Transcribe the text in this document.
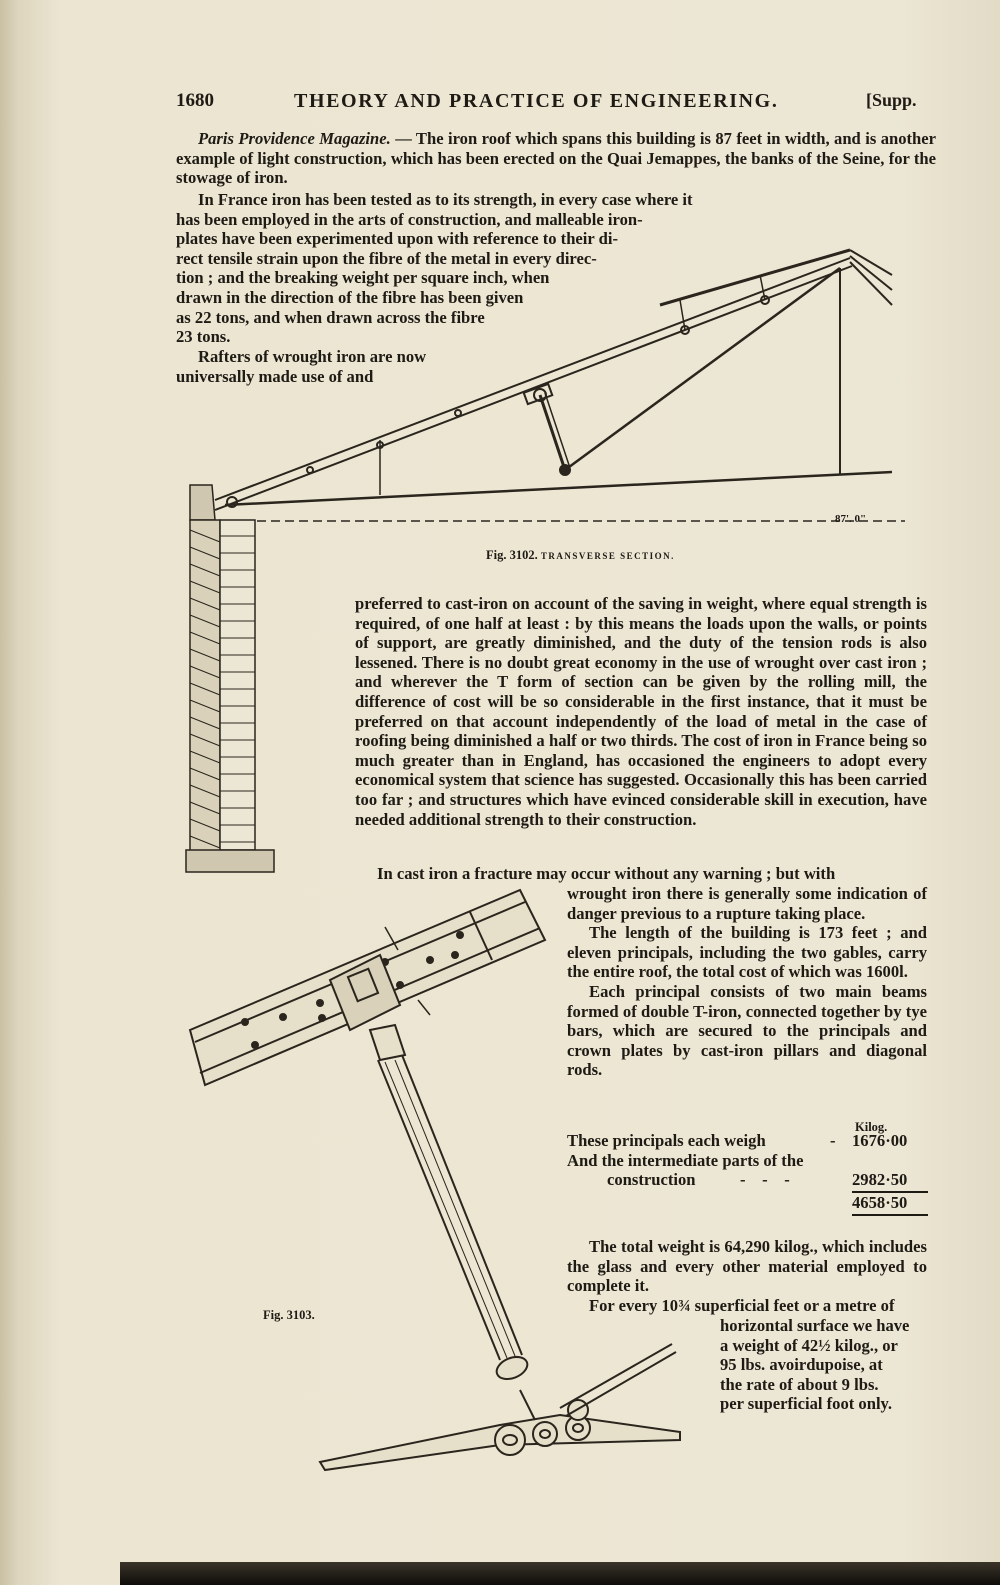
1680	THEORY AND PRACTICE OF ENGINEERING.	[Supp.

Paris Providence Magazine. — The iron roof which spans this building is 87 feet in width, and is another example of light construction, which has been erected on the Quai Jemappes, the banks of the Seine, for the stowage of iron.

In France iron has been tested as to its strength, in every case where it
has been employed in the arts of construction, and malleable iron-
plates have been experimented upon with reference to their di-
rect tensile strain upon the fibre of the metal in every direc-
tion ; and the breaking weight per square inch, when
drawn in the direction of the fibre has been given
as 22 tons, and when drawn across the fibre
23 tons.
Rafters of wrought iron are now
universally made use of and
87'. 0"
Fig. 3102. TRANSVERSE SECTION.

preferred to cast-iron on account of the saving in weight, where equal strength is required, of one half at least : by this means the loads upon the walls, or points of support, are greatly diminished, and the duty of the tension rods is also lessened. There is no doubt great economy in the use of wrought over cast iron ; and wherever the T form of section can be given by the rolling mill, the difference of cost will be so considerable in the first instance, that it must be preferred on that account independently of the load of metal in the case of roofing being diminished a half or two thirds. The cost of iron in France being so much greater than in England, has occasioned the engineers to adopt every economical system that science has suggested. Occasionally this has been carried too far ; and structures which have evinced considerable skill in execution, have needed additional strength to their construction.

In cast iron a fracture may occur without any warning ; but with

wrought iron there is generally some indication of danger previous to a rupture taking place.

The length of the building is 173 feet ; and eleven principals, including the two gables, carry the entire roof, the total cost of which was 1600l.

Each principal consists of two main beams formed of double T-iron, connected together by tye bars, which are secured to the principals and crown plates by cast-iron pillars and diagonal rods.

Kilog.
These principals each weigh	- 1676·00
And the intermediate parts of the
construction	-    -    -	2982·50
4658·50

The total weight is 64,290 kilog., which includes the glass and every other material employed to complete it.

For every 10¾ superficial feet or a metre of
horizontal surface we have
a weight of 42½ kilog., or
95 lbs. avoirdupoise, at
the rate of about 9 lbs.
per superficial foot only.
Fig. 3103.
